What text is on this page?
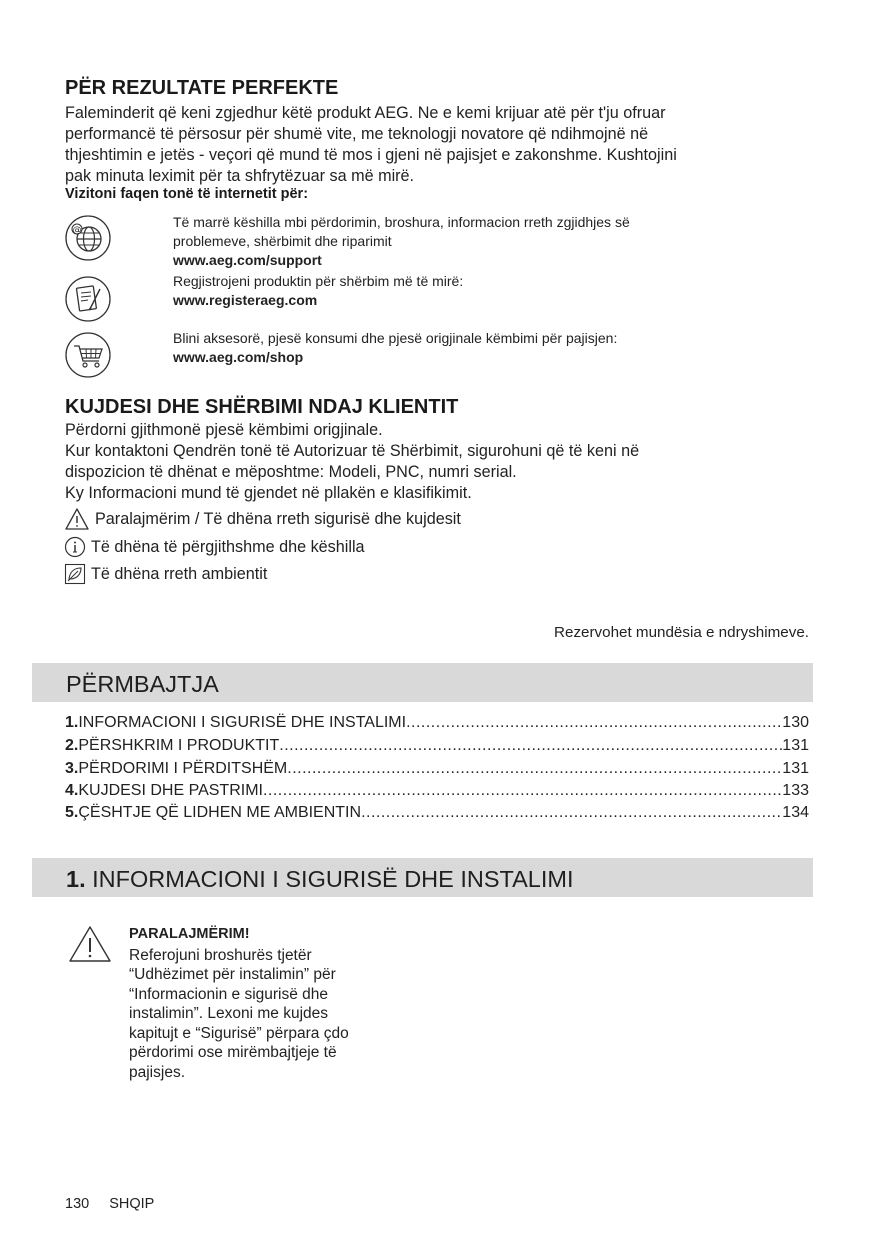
PËR REZULTATE PERFEKTE

Faleminderit që keni zgjedhur këtë produkt AEG. Ne e kemi krijuar atë për t'ju ofruar

performancë të përsosur për shumë vite, me teknologji novatore që ndihmojnë në

thjeshtimin e jetës - veçori që mund të mos i gjeni në pajisjet e zakonshme. Kushtojini

pak minuta leximit për ta shfrytëzuar sa më mirë.

Vizitoni faqen tonë të internetit për:
@
Të marrë këshilla mbi përdorimin, broshura, informacion rreth zgjidhjes së
problemeve, shërbimit dhe riparimit
www.aeg.com/support
Regjistrojeni produktin për shërbim më të mirë:
www.registeraeg.com
Blini aksesorë, pjesë konsumi dhe pjesë origjinale këmbimi për pajisjen:
www.aeg.com/shop
KUJDESI DHE SHËRBIMI NDAJ KLIENTIT

Përdorni gjithmonë pjesë këmbimi origjinale.

Kur kontaktoni Qendrën tonë të Autorizuar të Shërbimit, sigurohuni që të keni në

dispozicion të dhënat e mëposhtme: Modeli, PNC, numri serial.

Ky Informacioni mund të gjendet në pllakën e klasifikimit.

Paralajmërim / Të dhëna rreth sigurisë dhe kujdesit
Të dhëna të përgjithshme dhe këshilla
Të dhëna rreth ambientit
Rezervohet mundësia e ndryshimeve.
PËRMBAJTJA
1. INFORMACIONI I SIGURISË DHE INSTALIMI .....	130
2. PËRSHKRIM I PRODUKTIT .....	131
3. PËRDORIMI I PËRDITSHËM .....	131
4. KUJDESI DHE PASTRIMI .....	133
5. ÇËSHTJE QË LIDHEN ME AMBIENTIN .....	134
1. INFORMACIONI I SIGURISË DHE INSTALIMI

PARALAJMËRIM!

Referojuni broshurës tjetër

“Udhëzimet për instalimin” për

“Informacionin e sigurisë dhe

instalimin”. Lexoni me kujdes

kapitujt e “Sigurisë” përpara çdo

përdorimi ose mirëmbajtjeje të

pajisjes.

130 SHQIP
